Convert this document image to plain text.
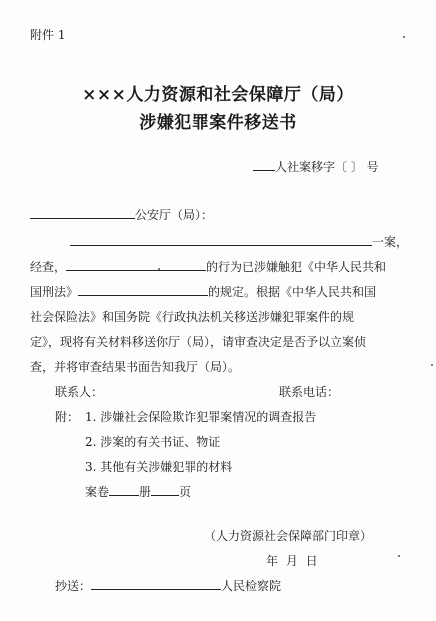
附件 1
×××人力资源和社会保障厅（局）
涉嫌犯罪案件移送书
人社案移字〔 〕 号
公安厅（局）：
一案，
经查，	的行为已涉嫌触犯《中华人民共和
国刑法》	的规定。根据《中华人民共和国
社会保险法》和国务院《行政执法机关移送涉嫌犯罪案件的规
定》，现将有关材料移送你厅（局），请审查决定是否予以立案侦
查，并将审查结果书面告知我厅（局）。
联系人：	联系电话：
附： 1. 涉嫌社会保险欺诈犯罪案情况的调查报告
2. 涉案的有关书证、物证
3. 其他有关涉嫌犯罪的材料
案卷	册 页
（人力资源社会保障部门印章）
年 月 日
抄送：	人民检察院
